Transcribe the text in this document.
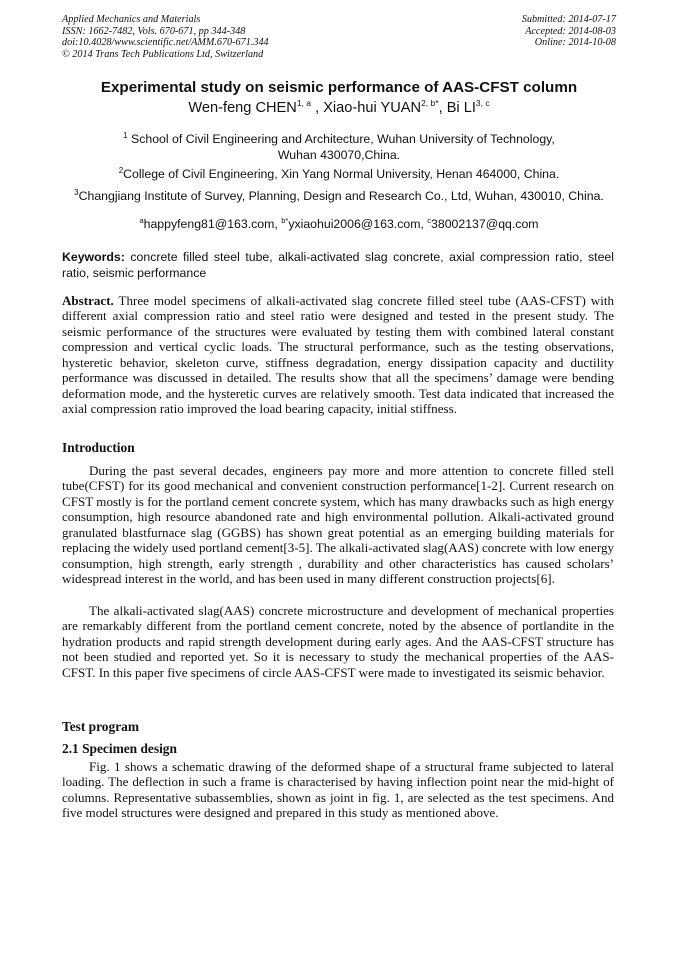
Applied Mechanics and Materials
ISSN: 1662-7482, Vols. 670-671, pp 344-348
doi:10.4028/www.scientific.net/AMM.670-671.344
© 2014 Trans Tech Publications Ltd, Switzerland
Submitted: 2014-07-17
Accepted: 2014-08-03
Online: 2014-10-08
Experimental study on seismic performance of AAS-CFST column
Wen-feng CHEN$^{1, a}$ , Xiao-hui $YUAN^{2, b*}$, Bi LI$^{3, c}$
$^1$ School of Civil Engineering and Architecture, Wuhan University of Technology,
Wuhan 430070,China.
$^2$College of Civil Engineering, Xin Yang Normal University, Henan 464000, China.
$^3$Changjiang Institute of Survey, Planning, Design and Research Co., Ltd, Wuhan, 430010, China.
$^a$happyfeng81@163.com, $^{b*}$yxiaohui2006@163.com, $^c$38002137@qq.com
Keywords: concrete filled steel tube, alkali-activated slag concrete, axial compression ratio, steel ratio, seismic performance
Abstract. Three model specimens of alkali-activated slag concrete filled steel tube (AAS-CFST) with different axial compression ratio and steel ratio were designed and tested in the present study. The seismic performance of the structures were evaluated by testing them with combined lateral constant compression and vertical cyclic loads. The structural performance, such as the testing observations, hysteretic behavior, skeleton curve, stiffness degradation, energy dissipation capacity and ductility performance was discussed in detailed. The results show that all the specimens’ damage were bending deformation mode, and the hysteretic curves are relatively smooth. Test data indicated that increased the axial compression ratio improved the load bearing capacity, initial stiffness.
Introduction
During the past several decades, engineers pay more and more attention to concrete filled stell tube(CFST) for its good mechanical and convenient construction performance[1-2]. Current research on CFST mostly is for the portland cement concrete system, which has many drawbacks such as high energy consumption, high resource abandoned rate and high environmental pollution. Alkali-activated ground granulated blastfurnace slag (GGBS) has shown great potential as an emerging building materials for replacing the widely used portland cement[3-5]. The alkali-activated slag(AAS) concrete with low energy consumption, high strength, early strength , durability and other characteristics has caused scholars’ widespread interest in the world, and has been used in many different construction projects[6].
The alkali-activated slag(AAS) concrete microstructure and development of mechanical properties are remarkably different from the portland cement concrete, noted by the absence of portlandite in the hydration products and rapid strength development during early ages. And the AAS-CFST structure has not been studied and reported yet. So it is necessary to study the mechanical properties of the AAS-CFST. In this paper five specimens of circle AAS-CFST were made to investigated its seismic behavior.
Test program
2.1 Specimen design
Fig. 1 shows a schematic drawing of the deformed shape of a structural frame subjected to lateral loading. The deflection in such a frame is characterised by having inflection point near the mid-hight of columns. Representative subassemblies, shown as joint in fig. 1, are selected as the test specimens. And five model structures were designed and prepared in this study as mentioned above.
